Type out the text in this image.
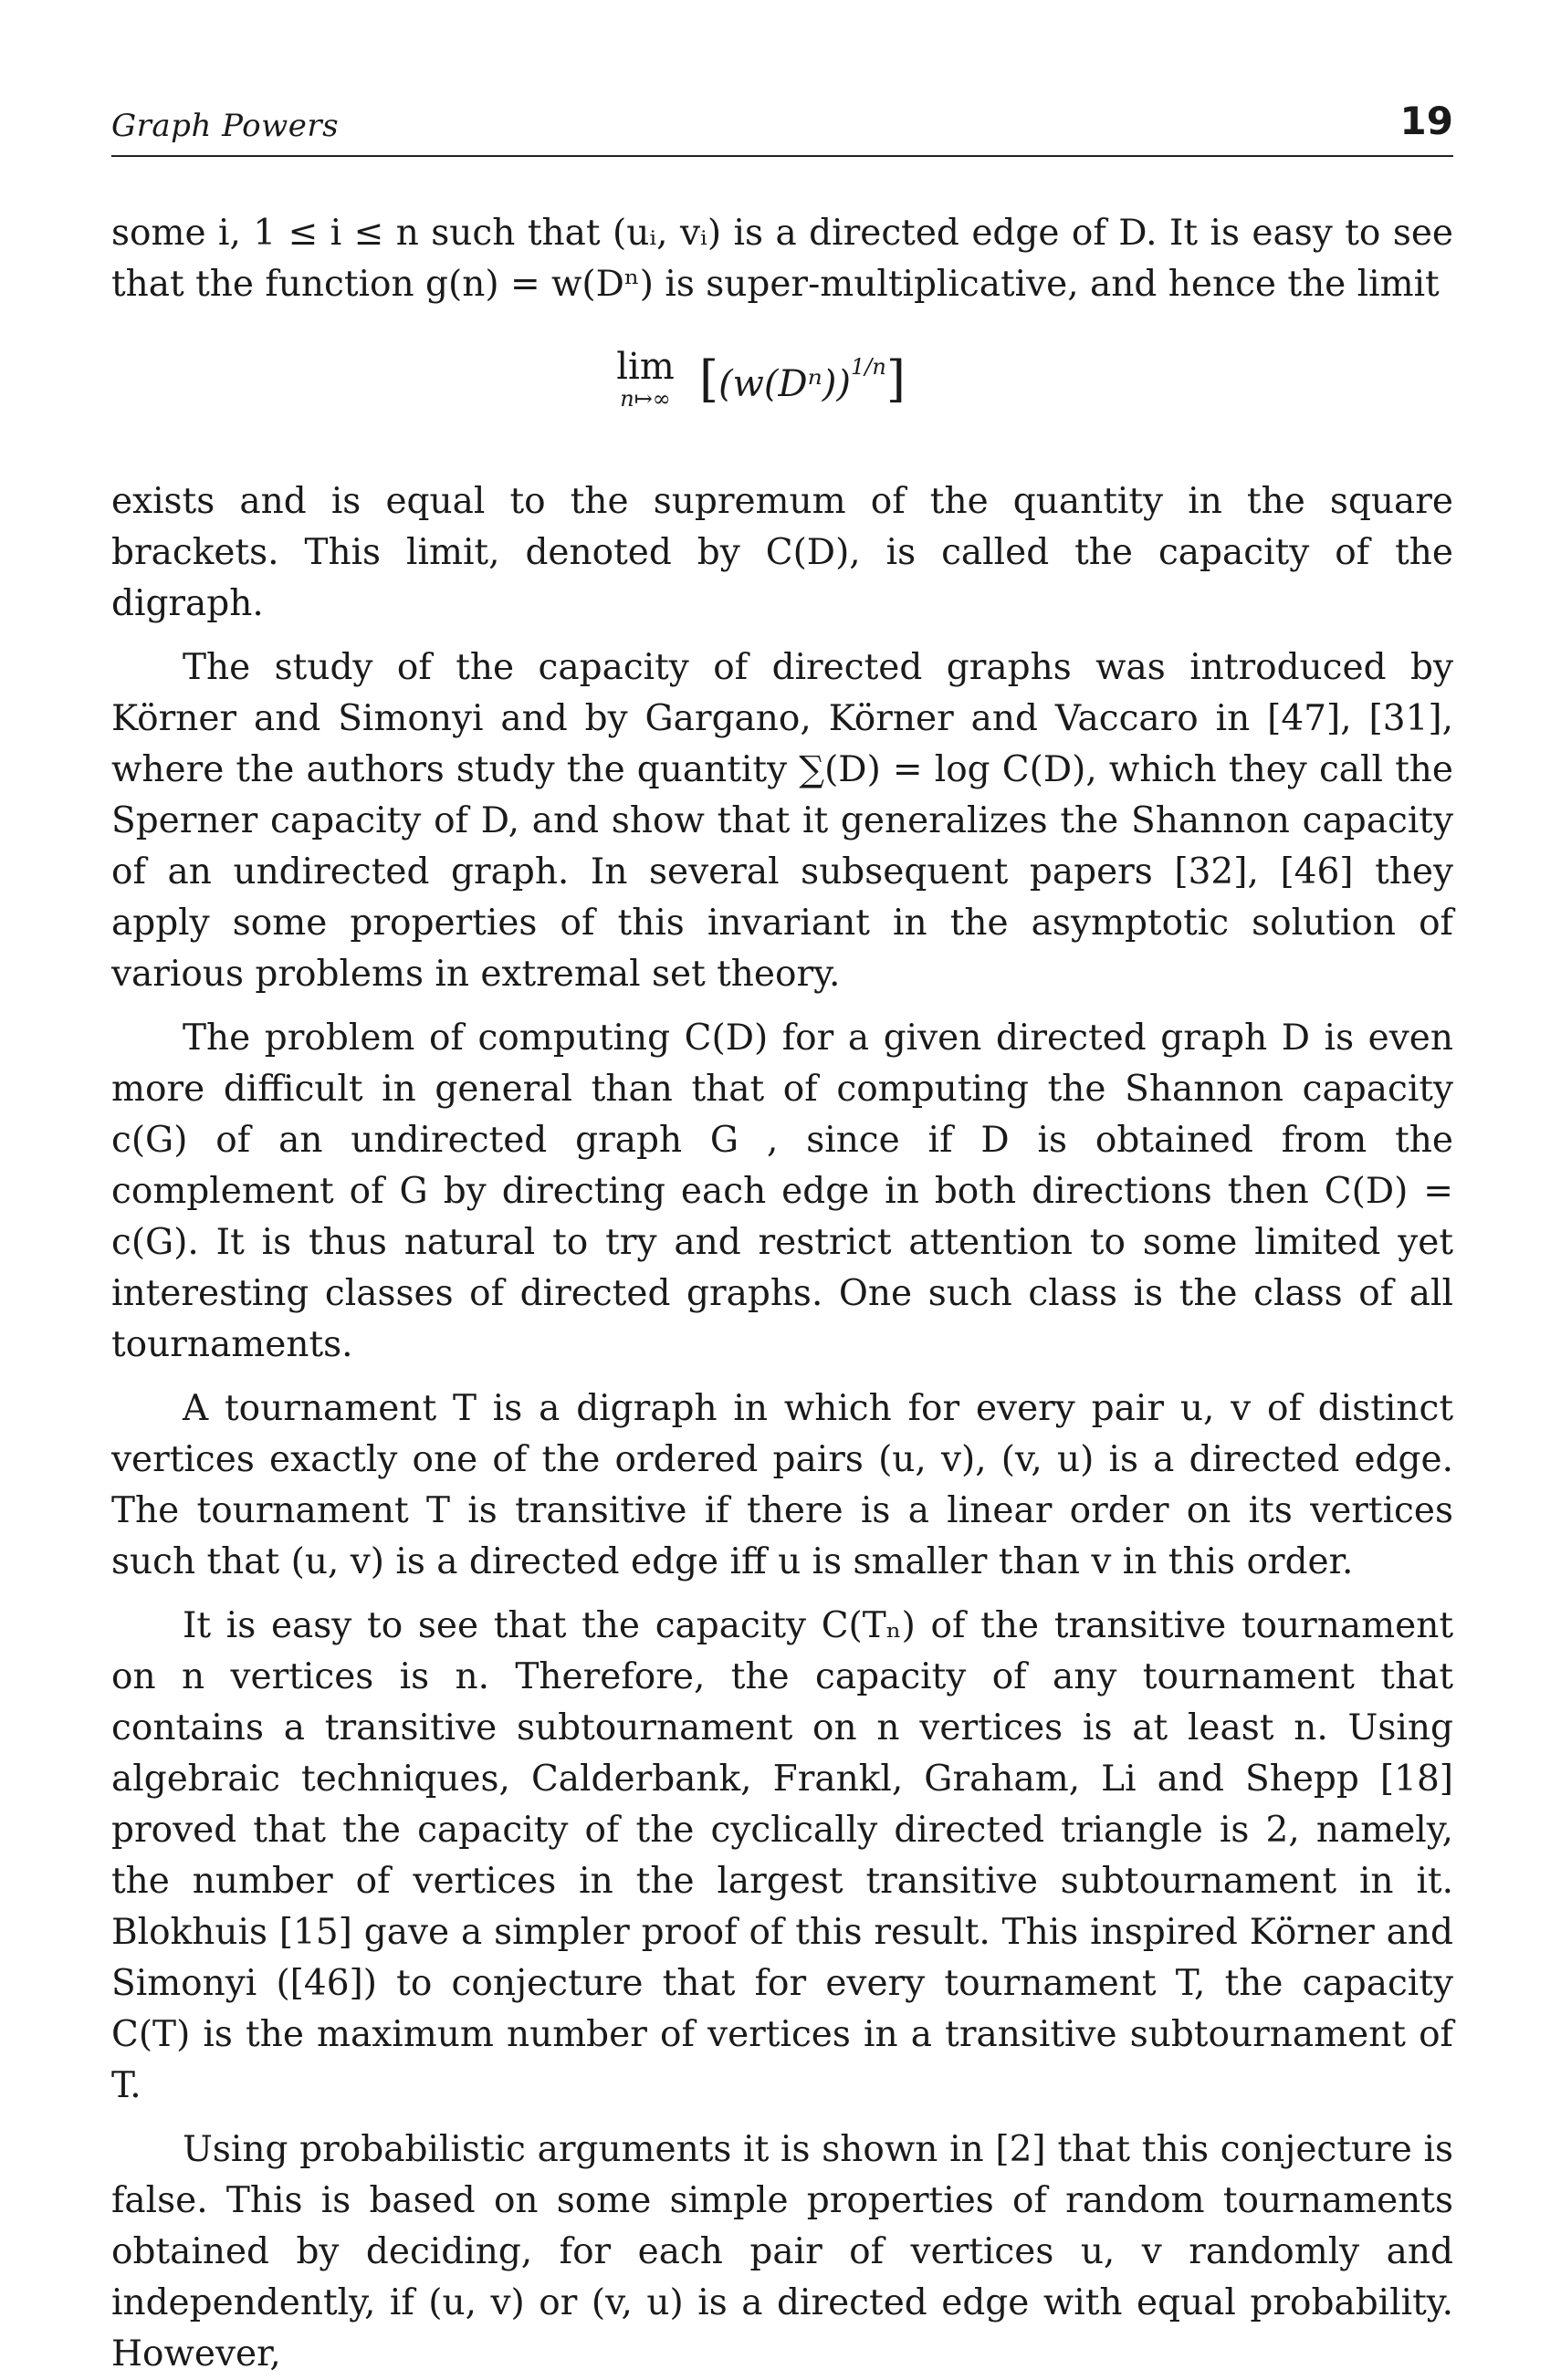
Graph Powers	19

some i, 1 ≤ i ≤ n such that (uᵢ, vᵢ) is a directed edge of D. It is easy to see that the function g(n) = w(Dⁿ) is super-multiplicative, and hence the limit

lim
n↦∞ $[(w(D^n))^{1/n}]$

exists and is equal to the supremum of the quantity in the square brackets. This limit, denoted by C(D), is called the capacity of the digraph.

The study of the capacity of directed graphs was introduced by Körner and Simonyi and by Gargano, Körner and Vaccaro in [47], [31], where the authors study the quantity ∑(D) = log C(D), which they call the Sperner capacity of D, and show that it generalizes the Shannon capacity of an undirected graph. In several subsequent papers [32], [46] they apply some properties of this invariant in the asymptotic solution of various problems in extremal set theory.

The problem of computing C(D) for a given directed graph D is even more difficult in general than that of computing the Shannon capacity c(G) of an undirected graph G , since if D is obtained from the complement of G by directing each edge in both directions then C(D) = c(G). It is thus natural to try and restrict attention to some limited yet interesting classes of directed graphs. One such class is the class of all tournaments.

A tournament T is a digraph in which for every pair u, v of distinct vertices exactly one of the ordered pairs (u, v), (v, u) is a directed edge. The tournament T is transitive if there is a linear order on its vertices such that (u, v) is a directed edge iff u is smaller than v in this order.

It is easy to see that the capacity C(Tₙ) of the transitive tournament on n vertices is n. Therefore, the capacity of any tournament that contains a transitive subtournament on n vertices is at least n. Using algebraic techniques, Calderbank, Frankl, Graham, Li and Shepp [18] proved that the capacity of the cyclically directed triangle is 2, namely, the number of vertices in the largest transitive subtournament in it. Blokhuis [15] gave a simpler proof of this result. This inspired Körner and Simonyi ([46]) to conjecture that for every tournament T, the capacity C(T) is the maximum number of vertices in a transitive subtournament of T.

Using probabilistic arguments it is shown in [2] that this conjecture is false. This is based on some simple properties of random tournaments obtained by deciding, for each pair of vertices u, v randomly and independently, if (u, v) or (v, u) is a directed edge with equal probability. However,
